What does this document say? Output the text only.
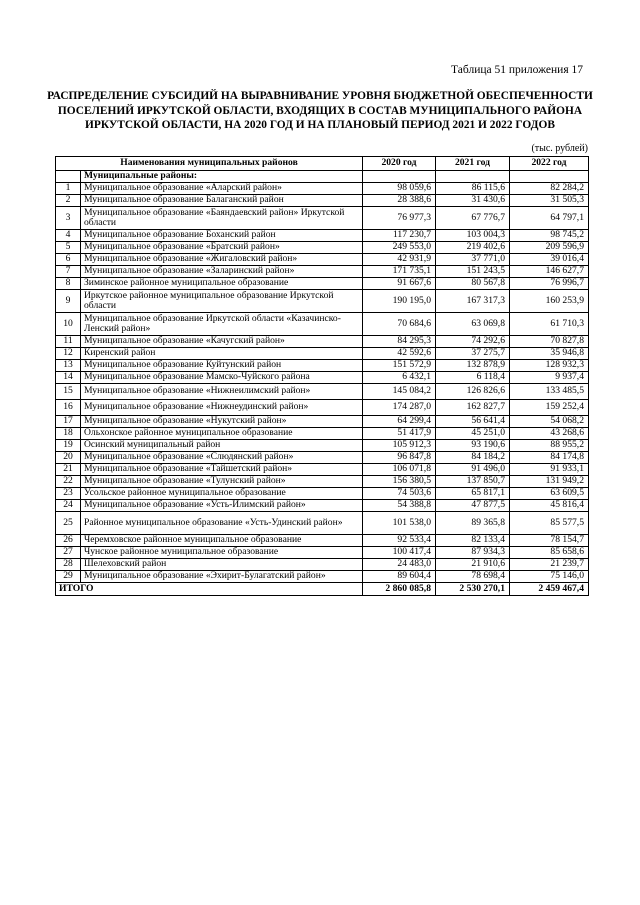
Таблица 51 приложения 17
РАСПРЕДЕЛЕНИЕ СУБСИДИЙ НА ВЫРАВНИВАНИЕ УРОВНЯ БЮДЖЕТНОЙ ОБЕСПЕЧЕННОСТИ
ПОСЕЛЕНИЙ ИРКУТСКОЙ ОБЛАСТИ, ВХОДЯЩИХ В СОСТАВ МУНИЦИПАЛЬНОГО РАЙОНА
ИРКУТСКОЙ ОБЛАСТИ, НА 2020 ГОД И НА ПЛАНОВЫЙ ПЕРИОД 2021 И 2022 ГОДОВ
(тыс. рублей)
Наименования муниципальных районов		2020 год	2021 год	2022 год
	Муниципальные районы:			
1	Муниципальное образование «Аларский район»	98 059,6	86 115,6	82 284,2
2	Муниципальное образование Балаганский район	28 388,6	31 430,6	31 505,3
3	Муниципальное образование «Баяндаевский район» Иркутской области	76 977,3	67 776,7	64 797,1
4	Муниципальное образование Боханский район	117 230,7	103 004,3	98 745,2
5	Муниципальное образование «Братский район»	249 553,0	219 402,6	209 596,9
6	Муниципальное образование «Жигаловский район»	42 931,9	37 771,0	39 016,4
7	Муниципальное образование «Заларинский район»	171 735,1	151 243,5	146 627,7
8	Зиминское районное муниципальное образование	91 667,6	80 567,8	76 996,7
9	Иркутское районное муниципальное образование Иркутской области	190 195,0	167 317,3	160 253,9
10	Муниципальное образование Иркутской области «Казачинско-Ленский район»	70 684,6	63 069,8	61 710,3
11	Муниципальное образование «Качугский район»	84 295,3	74 292,6	70 827,8
12	Киренский район	42 592,6	37 275,7	35 946,8
13	Муниципальное образование Куйтунский район	151 572,9	132 878,9	128 932,3
14	Муниципальное образование Мамско-Чуйского района	6 432,1	6 118,4	9 937,4
15	Муниципальное образование «Нижнеилимский район»	145 084,2	126 826,6	133 485,5
16	Муниципальное образование «Нижнеудинский район»	174 287,0	162 827,7	159 252,4
17	Муниципальное образование «Нукутский район»	64 299,4	56 641,4	54 068,2
18	Ольхонское районное муниципальное образование	51 417,9	45 251,0	43 268,6
19	Осинский муниципальный район	105 912,3	93 190,6	88 955,2
20	Муниципальное образование «Слюдянский район»	96 847,8	84 184,2	84 174,8
21	Муниципальное образование «Тайшетский район»	106 071,8	91 496,0	91 933,1
22	Муниципальное образование «Тулунский район»	156 380,5	137 850,7	131 949,2
23	Усольское районное муниципальное образование	74 503,6	65 817,1	63 609,5
24	Муниципальное образование «Усть-Илимский район»	54 388,8	47 877,5	45 816,4
25	Районное муниципальное образование «Усть-Удинский район»	101 538,0	89 365,8	85 577,5
26	Черемховское районное муниципальное образование	92 533,4	82 133,4	78 154,7
27	Чунское районное муниципальное образование	100 417,4	87 934,3	85 658,6
28	Шелеховский район	24 483,0	21 910,6	21 239,7
29	Муниципальное образование «Эхирит-Булагатский район»	89 604,4	78 698,4	75 146,0
ИТОГО		2 860 085,8	2 530 270,1	2 459 467,4
